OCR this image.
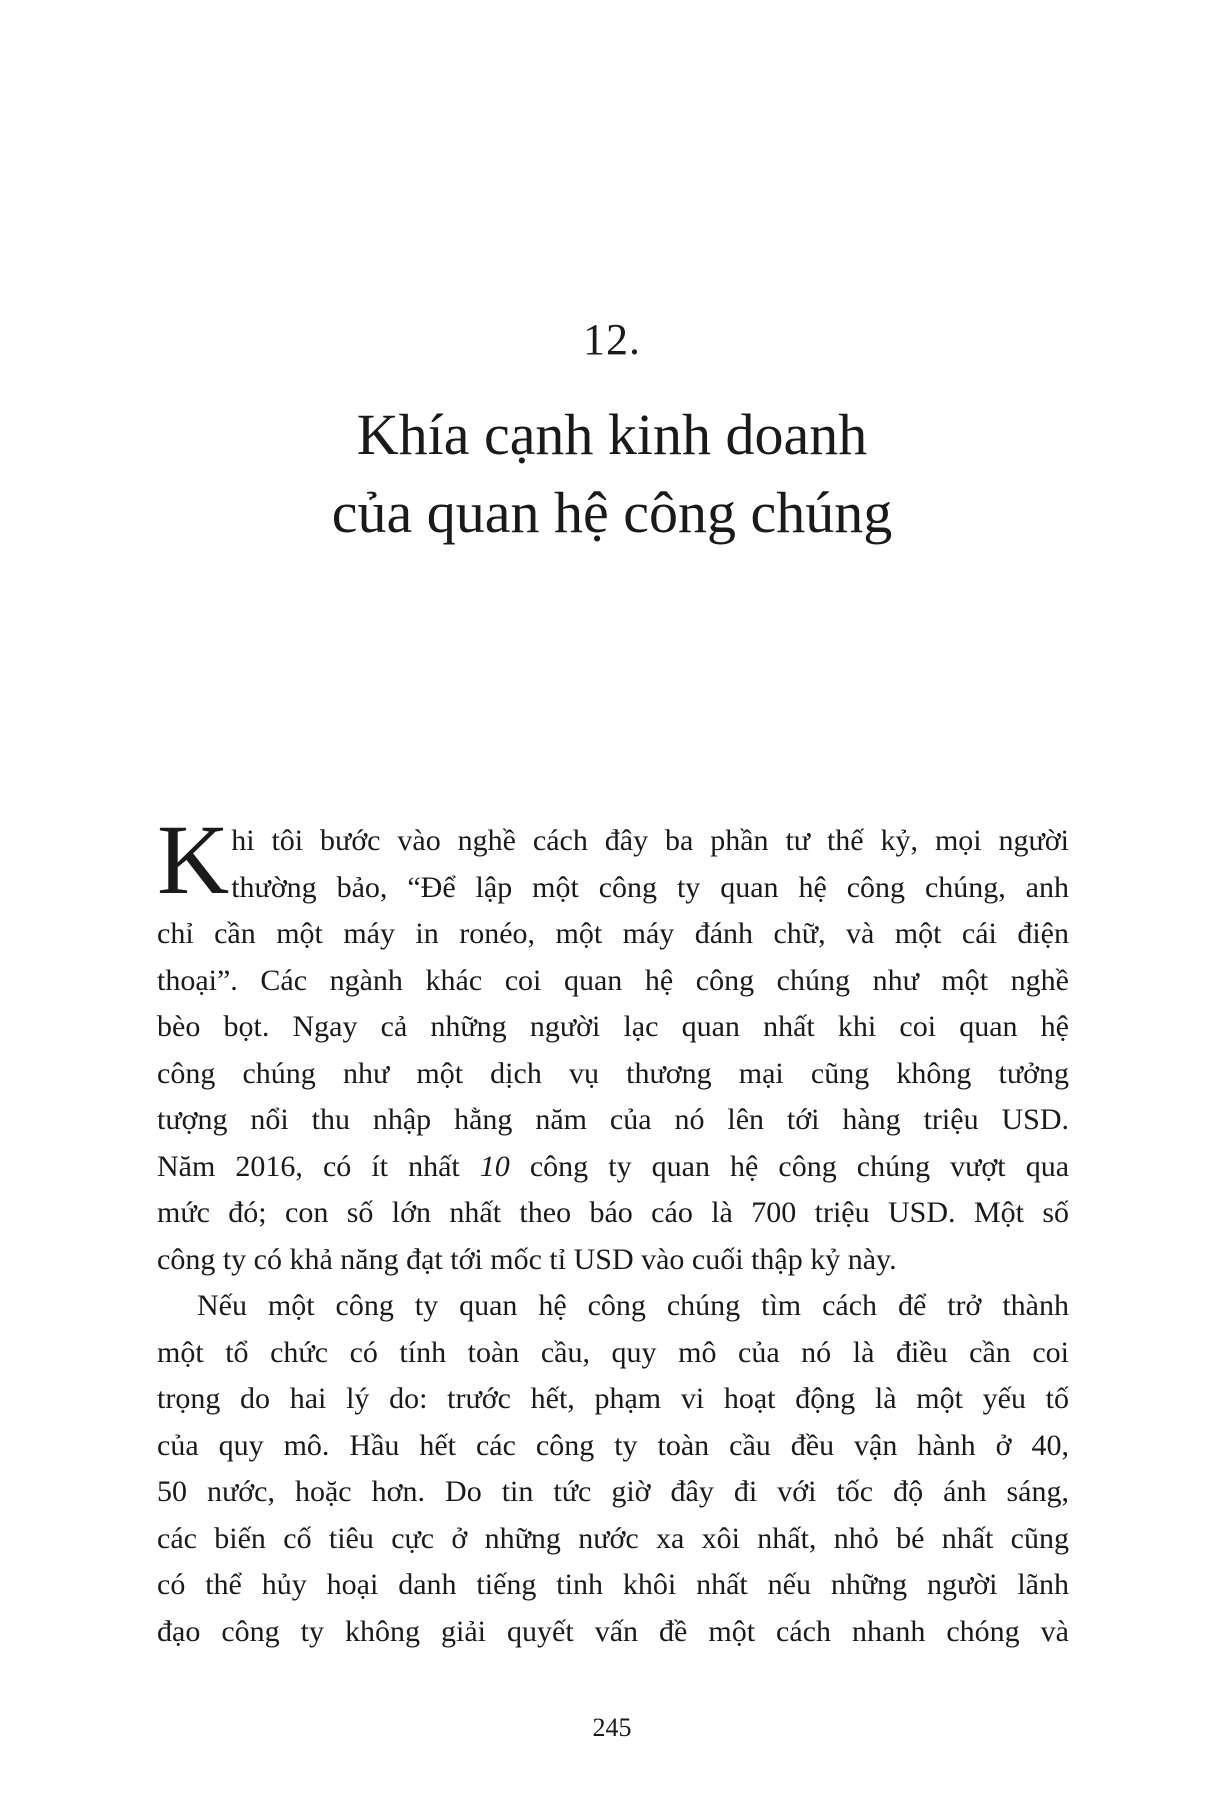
12.
Khía cạnh kinh doanh
của quan hệ công chúng
K hi tôi bước vào nghề cách đây ba phần tư thế kỷ, mọi người
thường bảo, “Để lập một công ty quan hệ công chúng, anh
chỉ cần một máy in ronéo, một máy đánh chữ, và một cái điện
thoại”. Các ngành khác coi quan hệ công chúng như một nghề
bèo bọt. Ngay cả những người lạc quan nhất khi coi quan hệ
công chúng như một dịch vụ thương mại cũng không tưởng
tượng nổi thu nhập hằng năm của nó lên tới hàng triệu USD.
Năm 2016, có ít nhất 10 công ty quan hệ công chúng vượt qua
mức đó; con số lớn nhất theo báo cáo là 700 triệu USD. Một số
công ty có khả năng đạt tới mốc tỉ USD vào cuối thập kỷ này.
Nếu một công ty quan hệ công chúng tìm cách để trở thành
một tổ chức có tính toàn cầu, quy mô của nó là điều cần coi
trọng do hai lý do: trước hết, phạm vi hoạt động là một yếu tố
của quy mô. Hầu hết các công ty toàn cầu đều vận hành ở 40,
50 nước, hoặc hơn. Do tin tức giờ đây đi với tốc độ ánh sáng,
các biến cố tiêu cực ở những nước xa xôi nhất, nhỏ bé nhất cũng
có thể hủy hoại danh tiếng tinh khôi nhất nếu những người lãnh
đạo công ty không giải quyết vấn đề một cách nhanh chóng và
245
